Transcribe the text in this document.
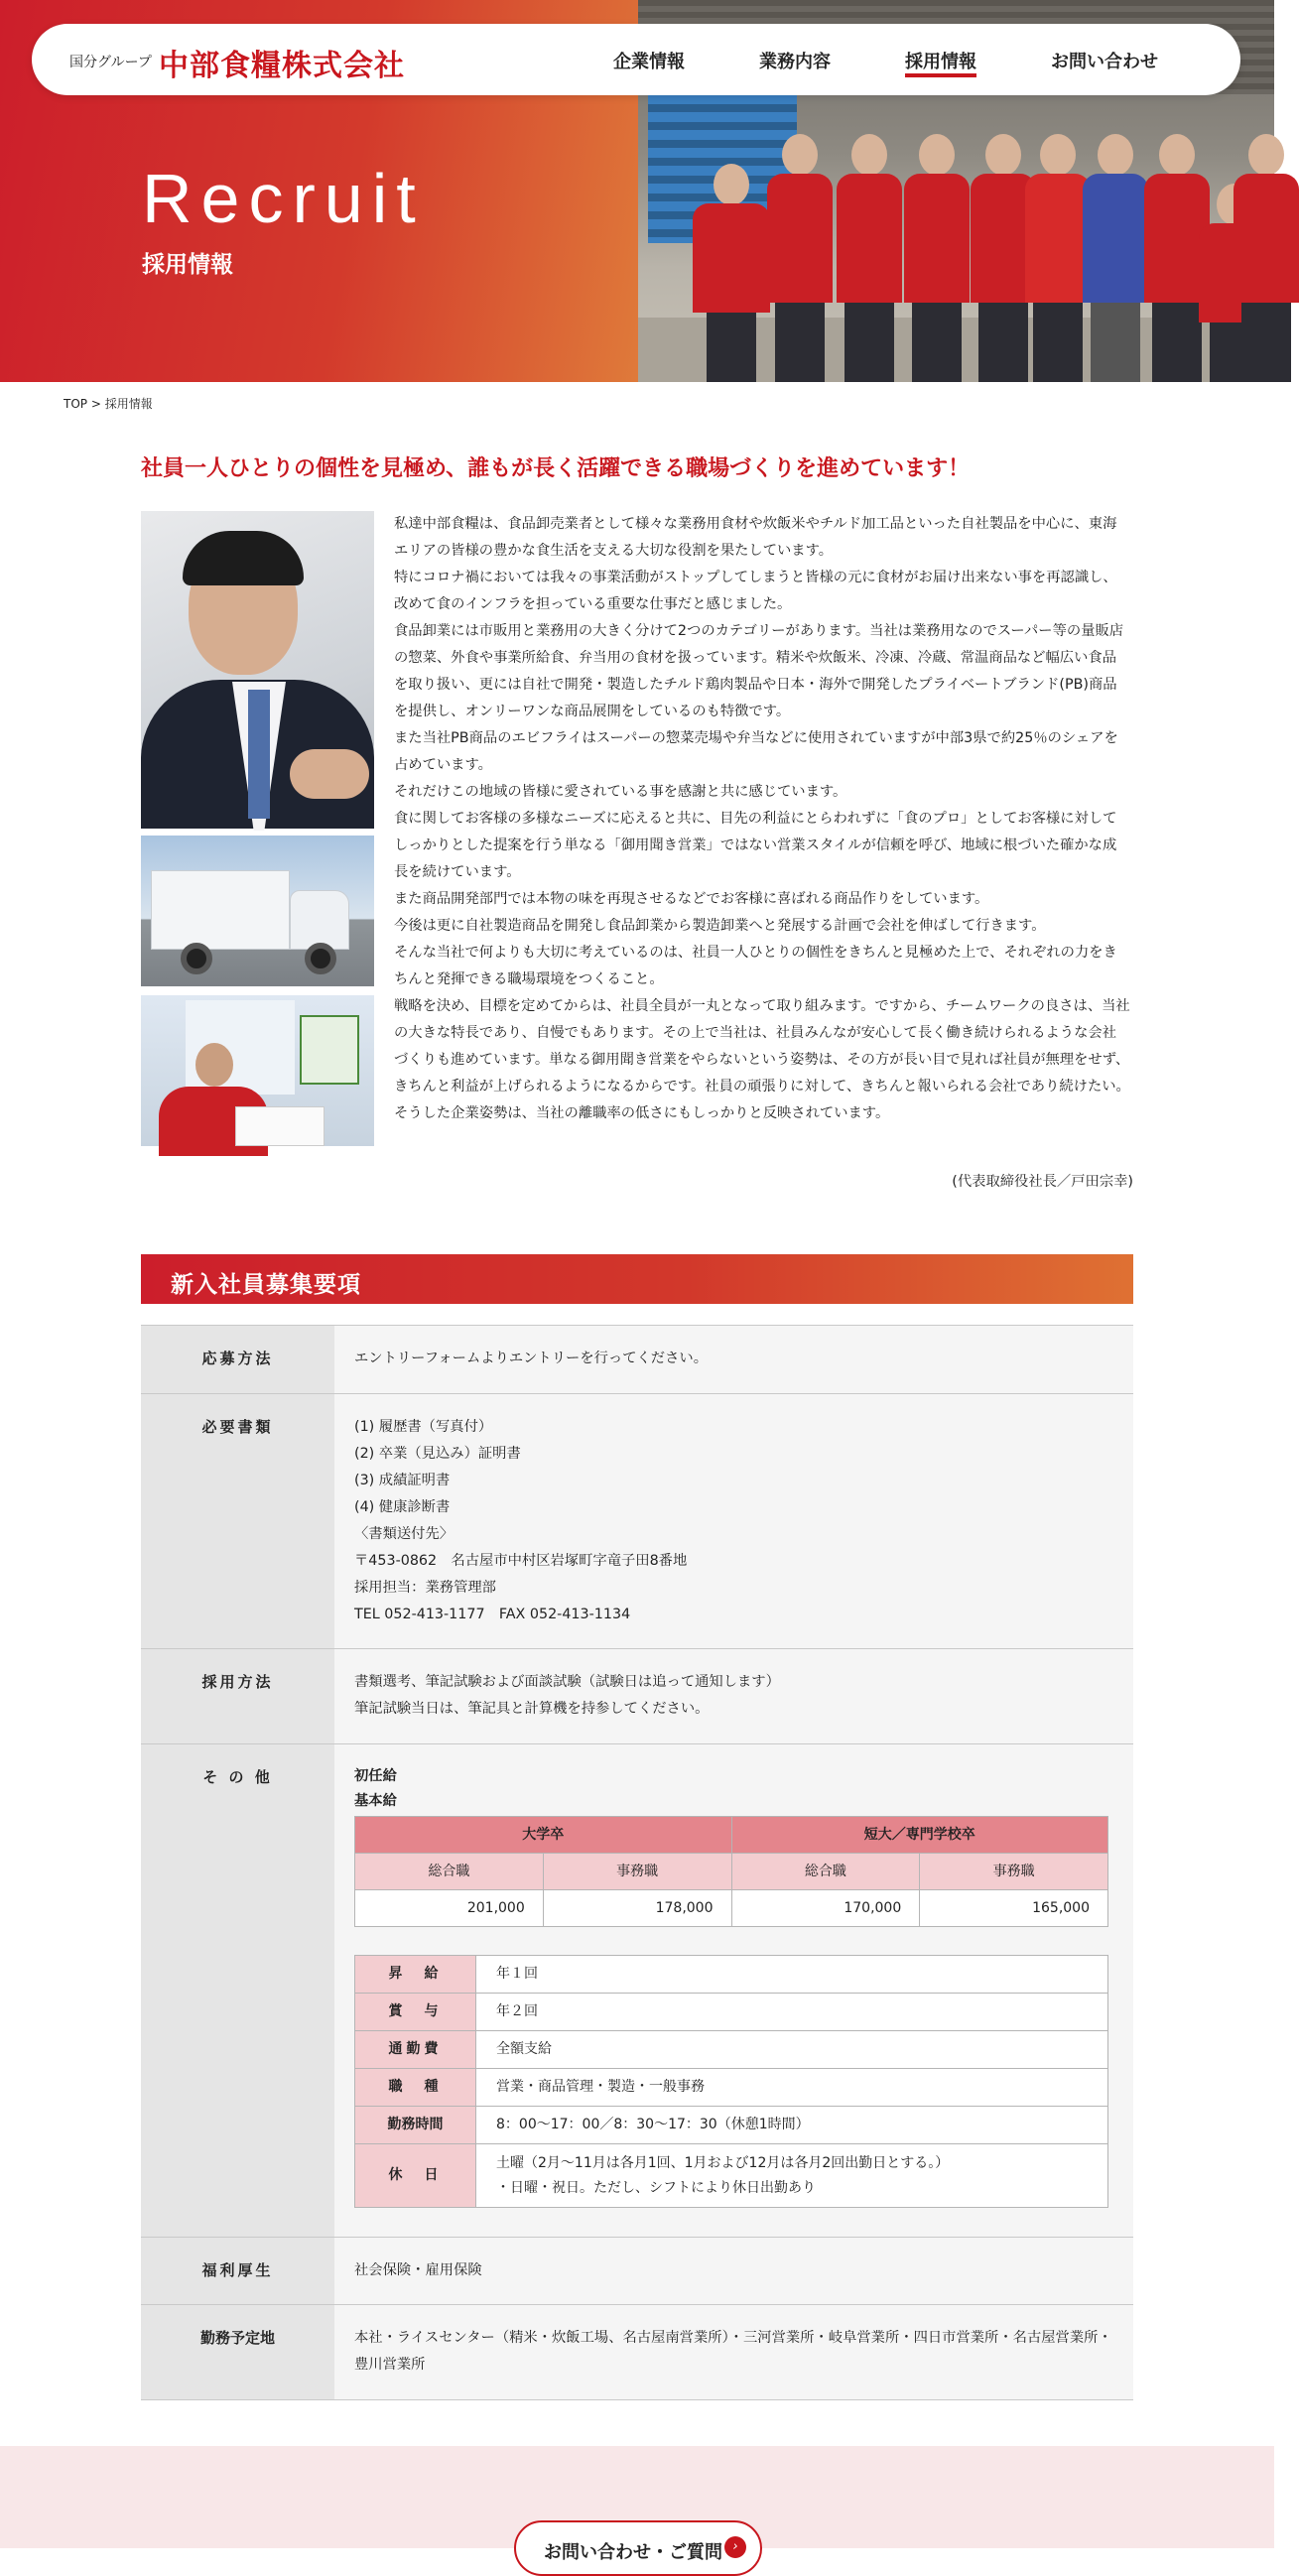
Recruit
採用情報
国分グループ 中部食糧株式会社	企業情報	業務内容	採用情報	お問い合わせ
TOP > 採用情報
社員一人ひとりの個性を見極め、誰もが長く活躍できる職場づくりを進めています！

私達中部食糧は、食品卸売業者として様々な業務用食材や炊飯米やチルド加工品といった自社製品を中心に、東海エリアの皆様の豊かな食生活を支える大切な役割を果たしています。

特にコロナ禍においては我々の事業活動がストップしてしまうと皆様の元に食材がお届け出来ない事を再認識し、改めて食のインフラを担っている重要な仕事だと感じました。

食品卸業には市販用と業務用の大きく分けて2つのカテゴリーがあります。当社は業務用なのでスーパー等の量販店の惣菜、外食や事業所給食、弁当用の食材を扱っています。精米や炊飯米、冷凍、冷蔵、常温商品など幅広い食品を取り扱い、更には自社で開発・製造したチルド鶏肉製品や日本・海外で開発したプライベートブランド(PB)商品を提供し、オンリーワンな商品展開をしているのも特徴です。

また当社PB商品のエビフライはスーパーの惣菜売場や弁当などに使用されていますが中部3県で約25％のシェアを占めています。

それだけこの地域の皆様に愛されている事を感謝と共に感じています。

食に関してお客様の多様なニーズに応えると共に、目先の利益にとらわれずに「食のプロ」としてお客様に対してしっかりとした提案を行う単なる「御用聞き営業」ではない営業スタイルが信頼を呼び、地域に根づいた確かな成長を続けています。

また商品開発部門では本物の味を再現させるなどでお客様に喜ばれる商品作りをしています。

今後は更に自社製造商品を開発し食品卸業から製造卸業へと発展する計画で会社を伸ばして行きます。

そんな当社で何よりも大切に考えているのは、社員一人ひとりの個性をきちんと見極めた上で、それぞれの力をきちんと発揮できる職場環境をつくること。

戦略を決め、目標を定めてからは、社員全員が一丸となって取り組みます。ですから、チームワークの良さは、当社の大きな特長であり、自慢でもあります。その上で当社は、社員みんなが安心して長く働き続けられるような会社づくりも進めています。単なる御用聞き営業をやらないという姿勢は、その方が長い目で見れば社員が無理をせず、きちんと利益が上げられるようになるからです。社員の頑張りに対して、きちんと報いられる会社であり続けたい。

そうした企業姿勢は、当社の離職率の低さにもしっかりと反映されています。

(代表取締役社長／戸田宗幸)
新入社員募集要項
応募方法	エントリーフォームよりエントリーを行ってください。
必要書類	(1) 履歴書（写真付）
(2) 卒業（見込み）証明書
(3) 成績証明書
(4) 健康診断書
〈書類送付先〉
〒453-0862　名古屋市中村区岩塚町字竜子田8番地
採用担当：業務管理部
TEL 052-413-1177　FAX 052-413-1134
採用方法	書類選考、筆記試験および面談試験（試験日は追って通知します）
筆記試験当日は、筆記具と計算機を持参してください。
そ の 他	初任給
基本給
大学卒		短大／専門学校卒	
総合職	事務職	総合職	事務職
201,000	178,000	170,000	165,000
昇　給	年１回
賞　与	年２回
通勤費	全額支給
職　種	営業・商品管理・製造・一般事務
勤務時間	8：00～17：00／8：30～17：30（休憩1時間）
休　日	土曜（2月～11月は各月1回、1月および12月は各月2回出勤日とする。）
・日曜・祝日。ただし、シフトにより休日出勤あり
福利厚生	社会保険・雇用保険
勤務予定地	本社・ライスセンター（精米・炊飯工場、名古屋南営業所）・三河営業所・岐阜営業所・四日市営業所・名古屋営業所・豊川営業所
お問い合わせ・ご質問 ›
